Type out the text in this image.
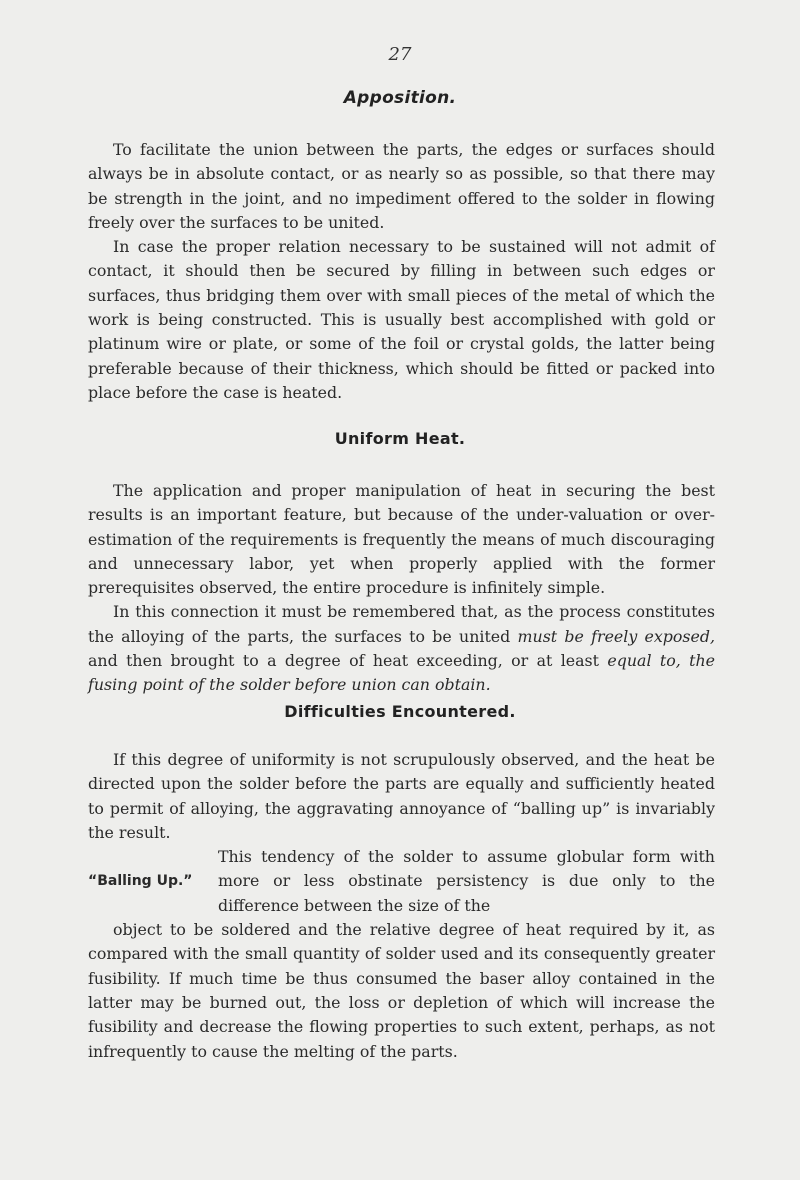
27
Apposition.

To facilitate the union between the parts, the edges or surfaces should always be in absolute contact, or as nearly so as possible, so that there may be strength in the joint, and no impediment offered to the solder in flowing freely over the surfaces to be united.

In case the proper relation necessary to be sustained will not admit of contact, it should then be secured by filling in between such edges or surfaces, thus bridging them over with small pieces of the metal of which the work is being constructed. This is usually best accomplished with gold or platinum wire or plate, or some of the foil or crystal golds, the latter being preferable because of their thickness, which should be fitted or packed into place before the case is heated.

Uniform Heat.

The application and proper manipulation of heat in securing the best results is an important feature, but because of the under-valuation or over-estimation of the requirements is frequently the means of much discouraging and unnecessary labor, yet when properly applied with the former prerequisites observed, the entire procedure is infinitely simple.

In this connection it must be remembered that, as the process constitutes the alloying of the parts, the surfaces to be united must be freely exposed, and then brought to a degree of heat exceeding, or at least equal to, the fusing point of the solder before union can obtain.

Difficulties Encountered.

If this degree of uniformity is not scrupulously observed, and the heat be directed upon the solder before the parts are equally and sufficiently heated to permit of alloying, the aggravating annoyance of “balling up” is invariably the result.

“Balling Up.”
This tendency of the solder to assume globular form with more or less obstinate persistency is due only to the difference between the size of the

object to be soldered and the relative degree of heat required by it, as compared with the small quantity of solder used and its consequently greater fusibility. If much time be thus consumed the baser alloy contained in the latter may be burned out, the loss or depletion of which will increase the fusibility and decrease the flowing properties to such extent, perhaps, as not infrequently to cause the melting of the parts.
